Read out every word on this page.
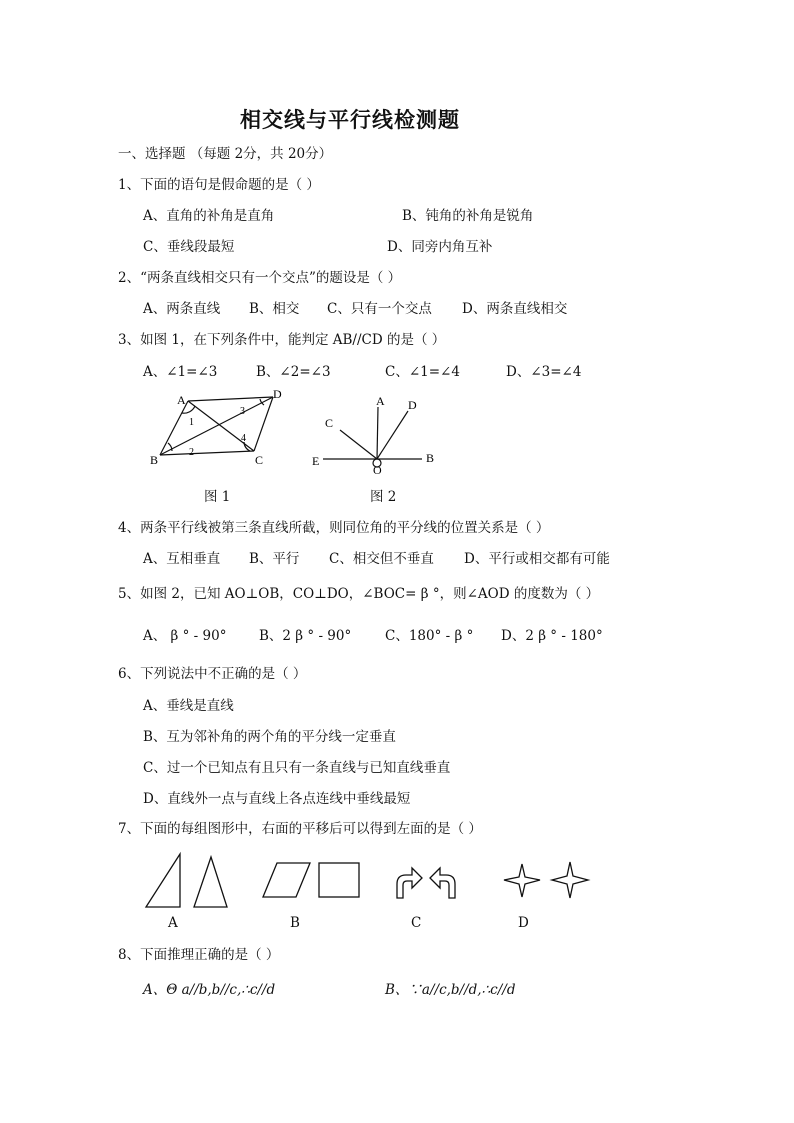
相交线与平行线检测题
一、选择题 （每题 2分，共 20分）
1、下面的语句是假命题的是（ ）
A、直角的补角是直角	B、钝角的补角是锐角
C、垂线段最短	D、同旁内角互补
2、“两条直线相交只有一个交点”的题设是（ ）
A、两条直线 B、相交 C、只有一个交点 D、两条直线相交
3、如图 1，在下列条件中，能判定 AB//CD 的是（ ）
A、∠1=∠3	B、∠2=∠3	C、∠1=∠4	D、∠3=∠4
A
B	C
D
1
2
3
4
图 1
A
B
C
D
E
O
图 2
4、两条平行线被第三条直线所截，则同位角的平分线的位置关系是（ ）
A、互相垂直 B、平行 C、相交但不垂直 D、平行或相交都有可能
5、如图 2，已知 AO⊥OB，CO⊥DO，∠BOC= β °，则∠AOD 的度数为（ ）
A、 β ° - 90° B、2 β ° - 90°	C、180° - β ° D、2 β ° - 180°
6、下列说法中不正确的是（ ）
A、垂线是直线
B、互为邻补角的两个角的平分线一定垂直
C、过一个已知点有且只有一条直线与已知直线垂直
D、直线外一点与直线上各点连线中垂线最短
7、下面的每组图形中，右面的平移后可以得到左面的是（ ）
A	B	C	D
8、下面推理正确的是（ ）
A、Θ a//b,b//c,∴c//d	B、∵a//c,b//d,∴c//d
